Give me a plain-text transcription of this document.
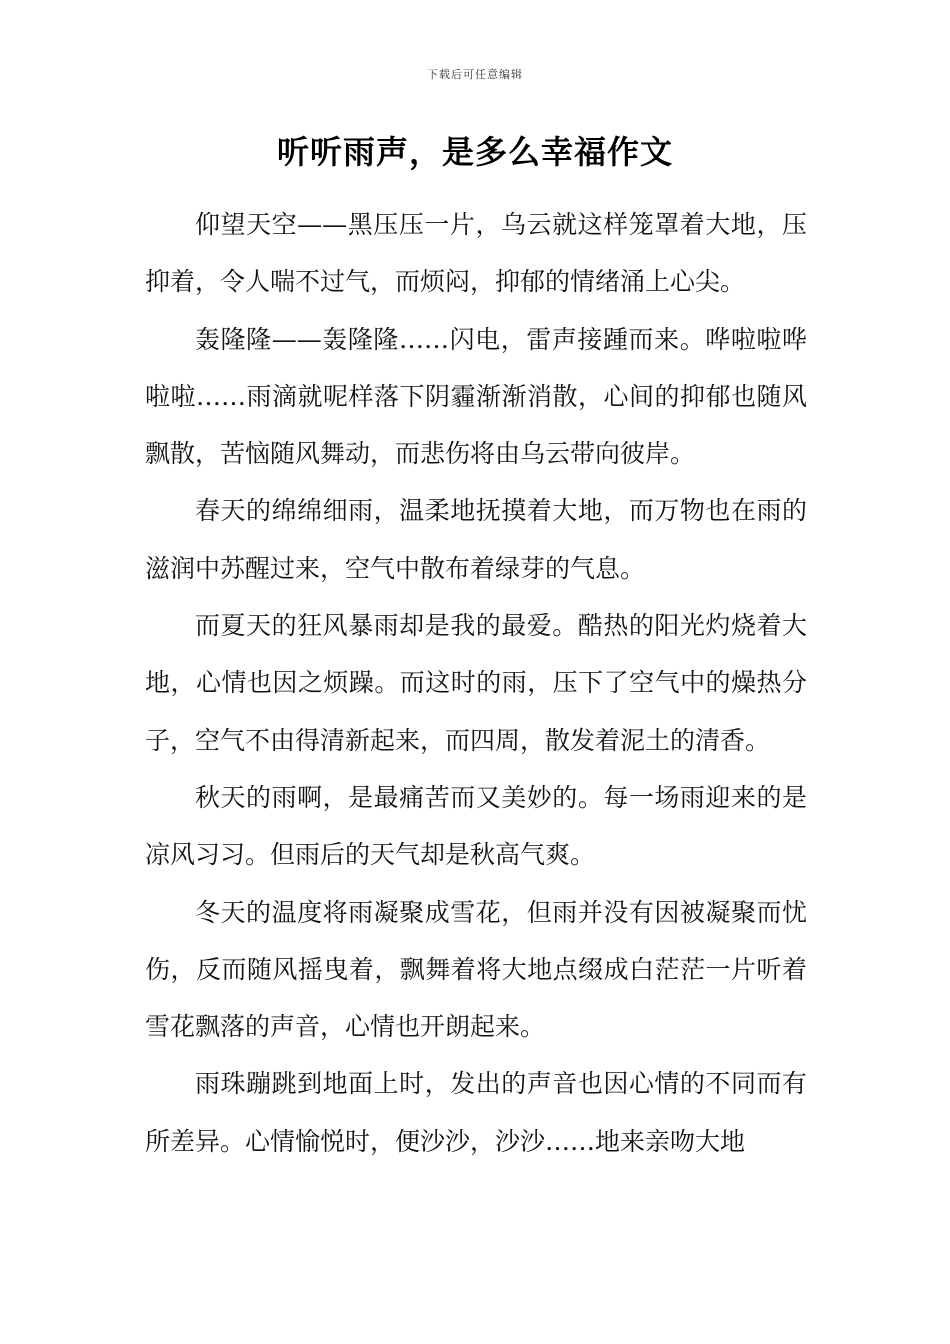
下载后可任意编辑
听听雨声，是多么幸福作文

仰望天空——黑压压一片，乌云就这样笼罩着大地，压抑着，令人喘不过气，而烦闷，抑郁的情绪涌上心尖。

轰隆隆——轰隆隆……闪电，雷声接踵而来。哗啦啦哗啦啦……雨滴就呢样落下阴霾渐渐消散，心间的抑郁也随风飘散，苦恼随风舞动，而悲伤将由乌云带向彼岸。

春天的绵绵细雨，温柔地抚摸着大地，而万物也在雨的滋润中苏醒过来，空气中散布着绿芽的气息。

而夏天的狂风暴雨却是我的最爱。酷热的阳光灼烧着大地，心情也因之烦躁。而这时的雨，压下了空气中的燥热分子，空气不由得清新起来，而四周，散发着泥土的清香。

秋天的雨啊，是最痛苦而又美妙的。每一场雨迎来的是凉风习习。但雨后的天气却是秋高气爽。

冬天的温度将雨凝聚成雪花，但雨并没有因被凝聚而忧伤，反而随风摇曳着，飘舞着将大地点缀成白茫茫一片听着雪花飘落的声音，心情也开朗起来。

雨珠蹦跳到地面上时，发出的声音也因心情的不同而有所差异。心情愉悦时，便沙沙，沙沙……地来亲吻大地
